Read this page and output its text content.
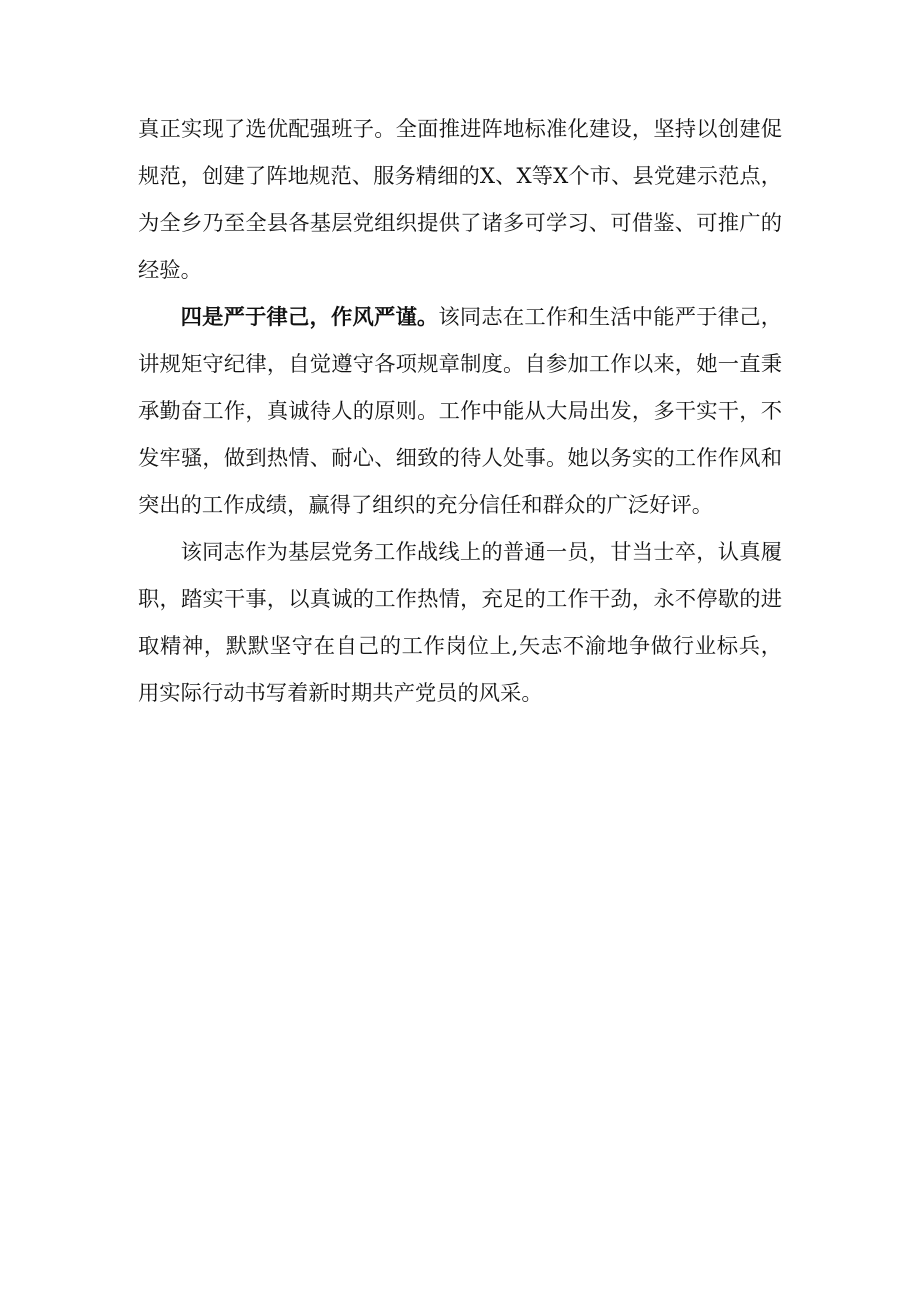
真正实现了选优配强班子。全面推进阵地标准化建设，坚持以创建促规范，创建了阵地规范、服务精细的X、X等X个市、县党建示范点，为全乡乃至全县各基层党组织提供了诸多可学习、可借鉴、可推广的经验。

四是严于律己，作风严谨。该同志在工作和生活中能严于律己，讲规矩守纪律，自觉遵守各项规章制度。自参加工作以来，她一直秉承勤奋工作，真诚待人的原则。工作中能从大局出发，多干实干，不发牢骚，做到热情、耐心、细致的待人处事。她以务实的工作作风和突出的工作成绩，赢得了组织的充分信任和群众的广泛好评。

该同志作为基层党务工作战线上的普通一员，甘当士卒，认真履职，踏实干事，以真诚的工作热情，充足的工作干劲，永不停歇的进取精神，默默坚守在自己的工作岗位上,矢志不渝地争做行业标兵，用实际行动书写着新时期共产党员的风采。
